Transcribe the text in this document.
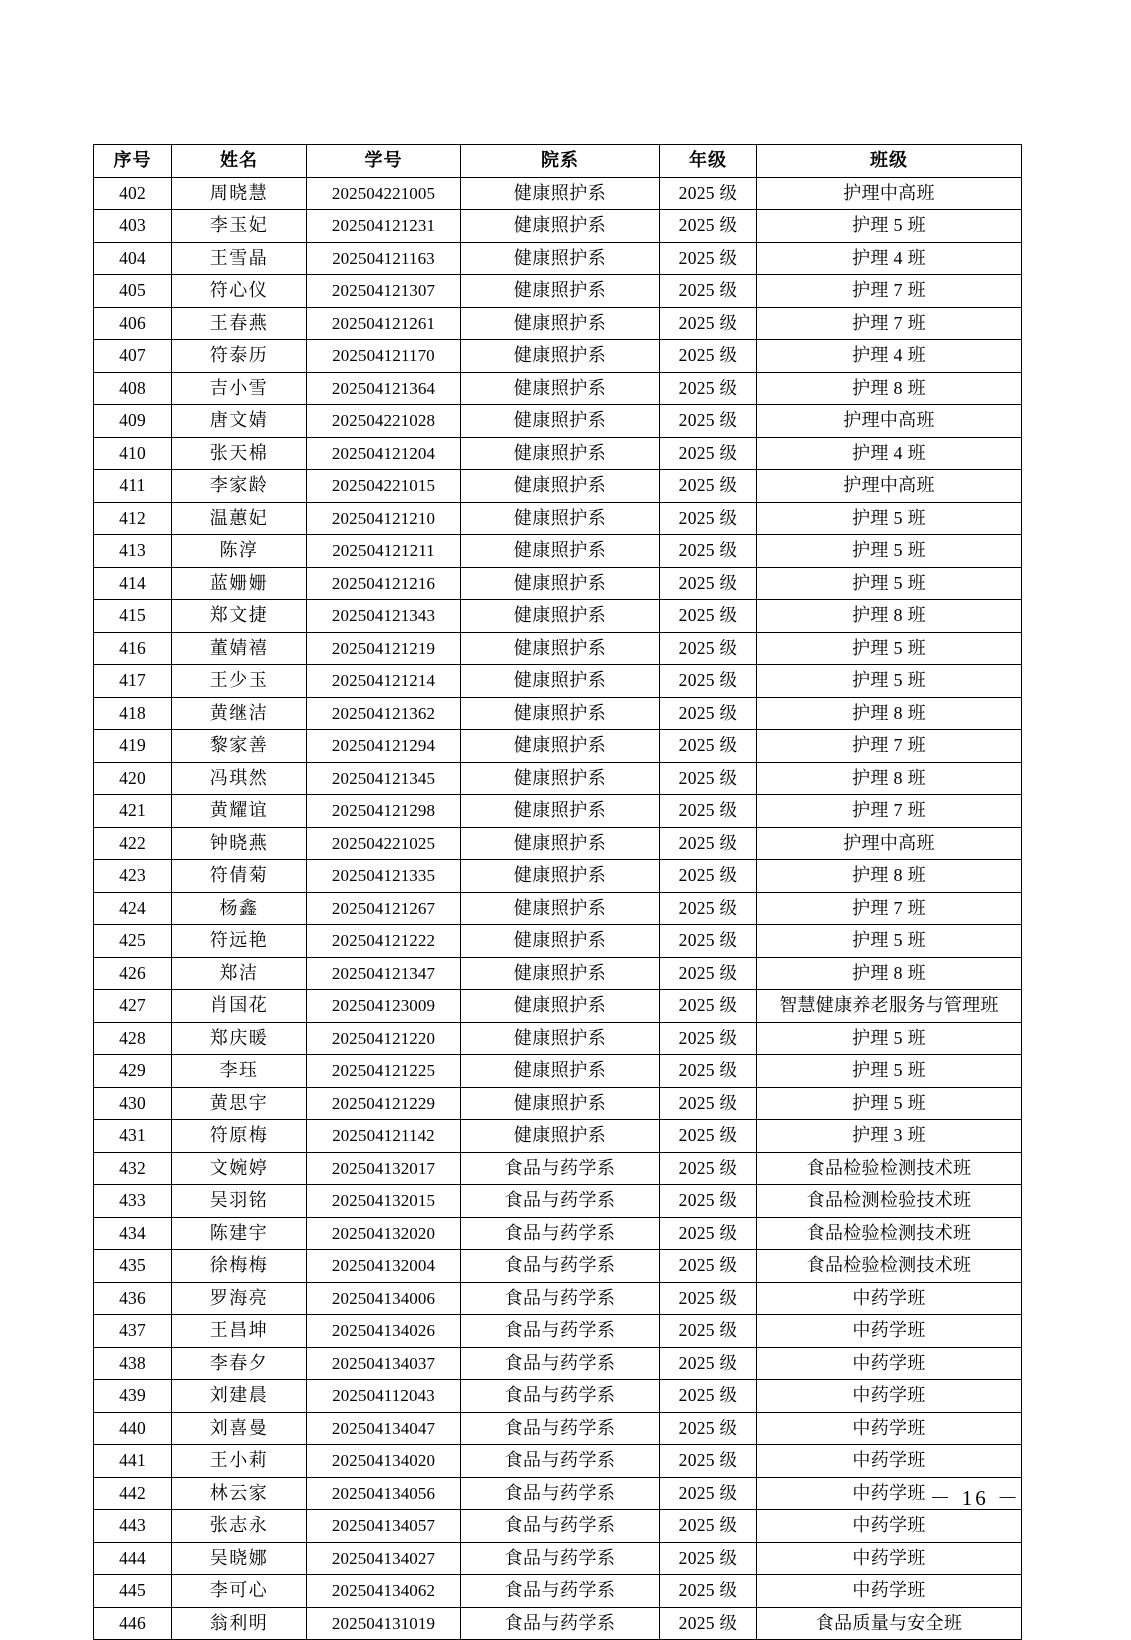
序号	姓名	学号	院系	年级	班级
402	周晓慧	202504221005	健康照护系	2025 级	护理中高班
403	李玉妃	202504121231	健康照护系	2025 级	护理 5 班
404	王雪晶	202504121163	健康照护系	2025 级	护理 4 班
405	符心仪	202504121307	健康照护系	2025 级	护理 7 班
406	王春燕	202504121261	健康照护系	2025 级	护理 7 班
407	符泰历	202504121170	健康照护系	2025 级	护理 4 班
408	吉小雪	202504121364	健康照护系	2025 级	护理 8 班
409	唐文婧	202504221028	健康照护系	2025 级	护理中高班
410	张天棉	202504121204	健康照护系	2025 级	护理 4 班
411	李家龄	202504221015	健康照护系	2025 级	护理中高班
412	温蕙妃	202504121210	健康照护系	2025 级	护理 5 班
413	陈淳	202504121211	健康照护系	2025 级	护理 5 班
414	蓝姗姗	202504121216	健康照护系	2025 级	护理 5 班
415	郑文捷	202504121343	健康照护系	2025 级	护理 8 班
416	董婧禧	202504121219	健康照护系	2025 级	护理 5 班
417	王少玉	202504121214	健康照护系	2025 级	护理 5 班
418	黄继洁	202504121362	健康照护系	2025 级	护理 8 班
419	黎家善	202504121294	健康照护系	2025 级	护理 7 班
420	冯琪然	202504121345	健康照护系	2025 级	护理 8 班
421	黄耀谊	202504121298	健康照护系	2025 级	护理 7 班
422	钟晓燕	202504221025	健康照护系	2025 级	护理中高班
423	符倩菊	202504121335	健康照护系	2025 级	护理 8 班
424	杨鑫	202504121267	健康照护系	2025 级	护理 7 班
425	符远艳	202504121222	健康照护系	2025 级	护理 5 班
426	郑洁	202504121347	健康照护系	2025 级	护理 8 班
427	肖国花	202504123009	健康照护系	2025 级	智慧健康养老服务与管理班
428	郑庆暖	202504121220	健康照护系	2025 级	护理 5 班
429	李珏	202504121225	健康照护系	2025 级	护理 5 班
430	黄思宇	202504121229	健康照护系	2025 级	护理 5 班
431	符原梅	202504121142	健康照护系	2025 级	护理 3 班
432	文婉婷	202504132017	食品与药学系	2025 级	食品检验检测技术班
433	吴羽铭	202504132015	食品与药学系	2025 级	食品检测检验技术班
434	陈建宇	202504132020	食品与药学系	2025 级	食品检验检测技术班
435	徐梅梅	202504132004	食品与药学系	2025 级	食品检验检测技术班
436	罗海亮	202504134006	食品与药学系	2025 级	中药学班
437	王昌坤	202504134026	食品与药学系	2025 级	中药学班
438	李春夕	202504134037	食品与药学系	2025 级	中药学班
439	刘建晨	202504112043	食品与药学系	2025 级	中药学班
440	刘喜曼	202504134047	食品与药学系	2025 级	中药学班
441	王小莉	202504134020	食品与药学系	2025 级	中药学班
442	林云家	202504134056	食品与药学系	2025 级	中药学班
443	张志永	202504134057	食品与药学系	2025 级	中药学班
444	吴晓娜	202504134027	食品与药学系	2025 级	中药学班
445	李可心	202504134062	食品与药学系	2025 级	中药学班
446	翁利明	202504131019	食品与药学系	2025 级	食品质量与安全班
－ 16 －
